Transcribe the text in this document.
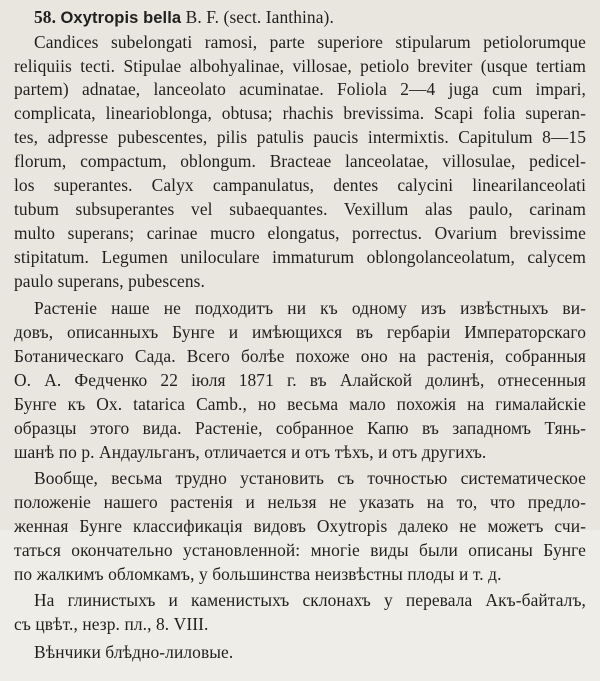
58. Oxytropis bella B. F. (sect. Ianthina).
Candices subelongati ramosi, parte superiore stipularum petiolorumque
reliquiis tecti. Stipulae albohyalinae, villosae, petiolo breviter (usque tertiam
partem) adnatae, lanceolato acuminatae. Foliola 2—4 juga cum impari,
complicata, linearioblonga, obtusa; rhachis brevissima. Scapi folia superan-
tes, adpresse pubescentes, pilis patulis paucis intermixtis. Capitulum 8—15
florum, compactum, oblongum. Bracteae lanceolatae, villosulae, pedicel-
los superantes. Calyx campanulatus, dentes calycini linearilanceolati
tubum subsuperantes vel subaequantes. Vexillum alas paulo, carinam
multo superans; carinae mucro elongatus, porrectus. Ovarium brevissime
stipitatum. Legumen uniloculare immaturum oblongolanceolatum, calycem
paulo superans, pubescens.
Растеніе наше не подходитъ ни къ одному изъ извѣстныхъ ви-
довъ, описанныхъ Бунге и имѣющихся въ гербаріи Императорскаго
Ботаническаго Сада. Всего болѣе похоже оно на растенія, собранныя
О. А. Федченко 22 іюля 1871 г. въ Алайской долинѣ, отнесенныя
Бунге къ Ox. tatarica Camb., но весьма мало похожія на гималайскіе
образцы этого вида. Растеніе, собранное Капю въ западномъ Тянь-
шанѣ по р. Андаульганъ, отличается и отъ тѣхъ, и отъ другихъ.
Вообще, весьма трудно установить съ точностью систематическое
положеніе нашего растенія и нельзя не указать на то, что предло-
женная Бунге классификація видовъ Oxytropis далеко не можетъ счи-
таться окончательно установленной: многіе виды были описаны Бунге
по жалкимъ обломкамъ, у большинства неизвѣстны плоды и т. д.
На глинистыхъ и каменистыхъ склонахъ у перевала Акъ-байталъ,
съ цвѣт., незр. пл., 8. VIII.
Вѣнчики блѣдно-лиловые.
